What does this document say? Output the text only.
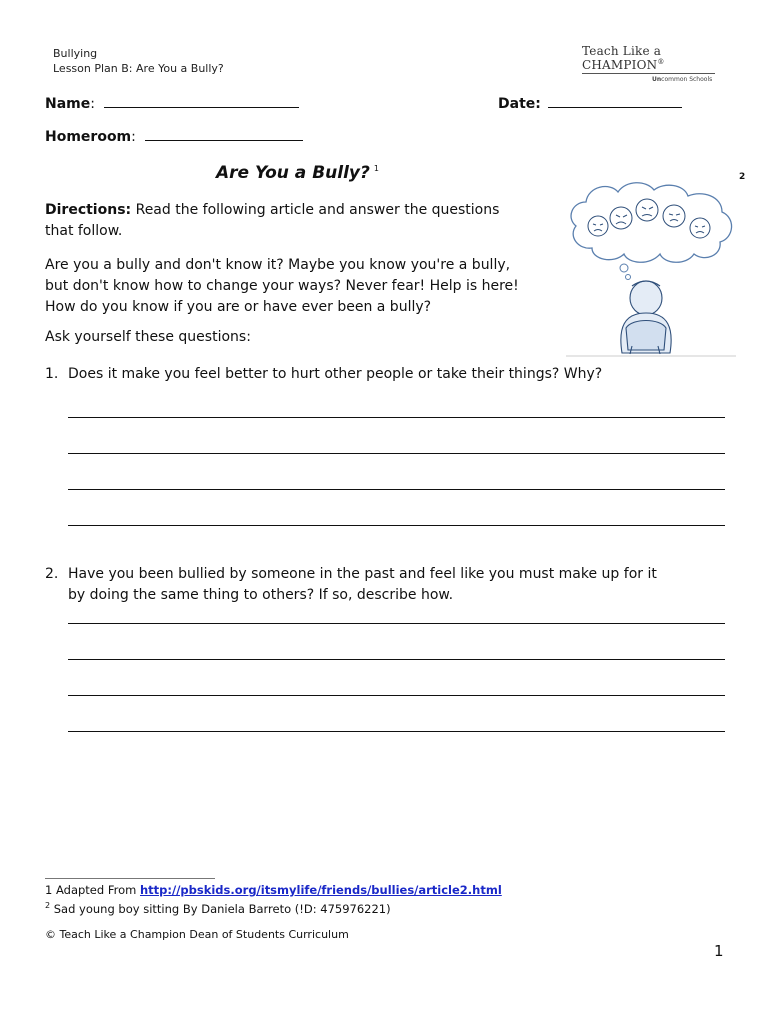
Bullying
Lesson Plan B: Are You a Bully?
Teach Like a CHAMPION®
Uncommon Schools
Name:	Date:
Homeroom:
Are You a Bully? $^1$
2
Directions: Read the following article and answer the questions
that follow.
Are you a bully and don't know it? Maybe you know you're a bully,
but don't know how to change your ways? Never fear! Help is here!
How do you know if you are or have ever been a bully?
Ask yourself these questions:
1. Does it make you feel better to hurt other people or take their things? Why?
2. Have you been bullied by someone in the past and feel like you must make up for it
by doing the same thing to others? If so, describe how.
1 Adapted From http://pbskids.org/itsmylife/friends/bullies/article2.html
$^2$ Sad young boy sitting By Daniela Barreto (!D: 475976221)
© Teach Like a Champion Dean of Students Curriculum
1
